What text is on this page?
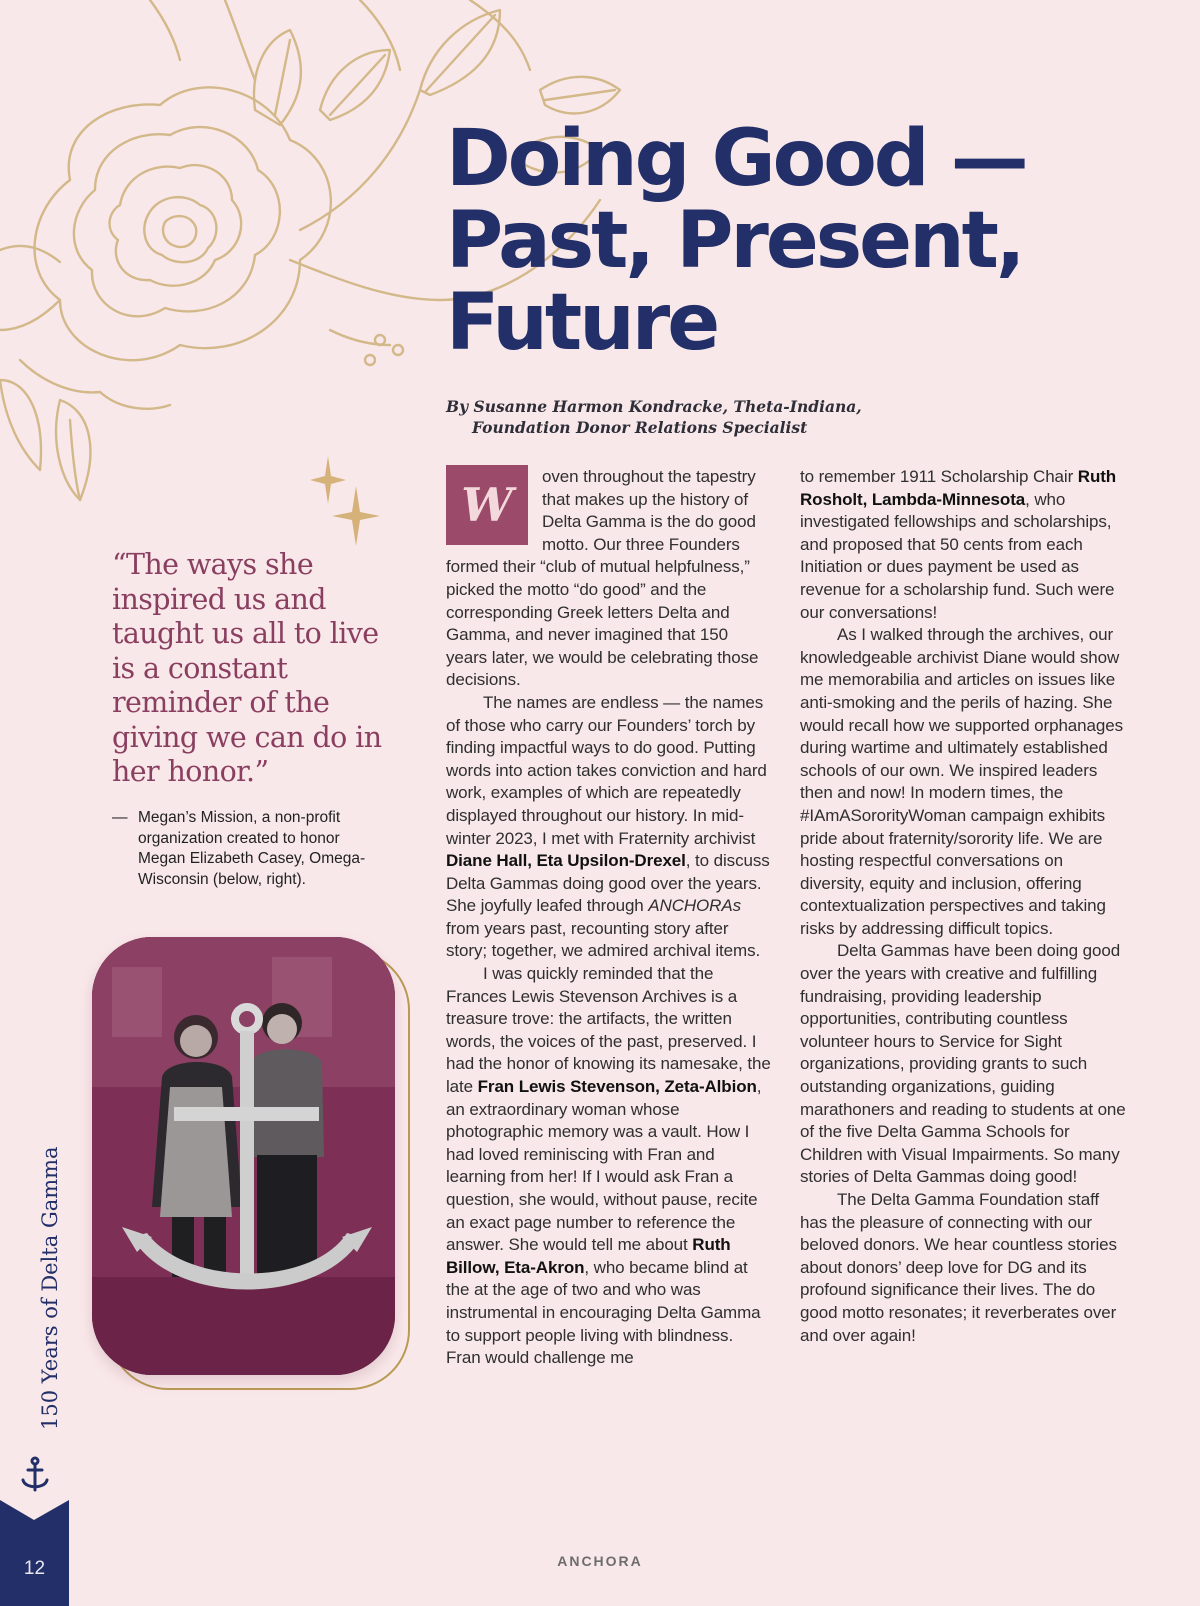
Doing Good — Past, Present, Future
By Susanne Harmon Kondracke, Theta-Indiana,
Foundation Donor Relations Specialist
“The ways she inspired us and taught us all to live is a constant reminder of the giving we can do in her honor.”
— Megan’s Mission, a non-profit organization created to honor Megan Elizabeth Casey, Omega-Wisconsin (below, right).

W
oven throughout the tapestry that makes up the history of Delta Gamma is the do good motto. Our three Founders formed their “club of mutual helpfulness,” picked the motto “do good” and the corresponding Greek letters Delta and Gamma, and never imagined that 150 years later, we would be celebrating those decisions.

The names are endless — the names of those who carry our Founders’ torch by finding impactful ways to do good. Putting words into action takes conviction and hard work, examples of which are repeatedly displayed throughout our history. In mid-winter 2023, I met with Fraternity archivist Diane Hall, Eta Upsilon-Drexel, to discuss Delta Gammas doing good over the years. She joyfully leafed through ANCHORAs from years past, recounting story after story; together, we admired archival items.

I was quickly reminded that the Frances Lewis Stevenson Archives is a treasure trove: the artifacts, the written words, the voices of the past, preserved. I had the honor of knowing its namesake, the late Fran Lewis Stevenson, Zeta-Albion, an extraordinary woman whose photographic memory was a vault. How I had loved reminiscing with Fran and learning from her! If I would ask Fran a question, she would, without pause, recite an exact page number to reference the answer. She would tell me about Ruth Billow, Eta-Akron, who became blind at the at the age of two and who was instrumental in encouraging Delta Gamma to support people living with blindness. Fran would challenge me

to remember 1911 Scholarship Chair Ruth Rosholt, Lambda-Minnesota, who investigated fellowships and scholarships, and proposed that 50 cents from each Initiation or dues payment be used as revenue for a scholarship fund. Such were our conversations!

As I walked through the archives, our knowledgeable archivist Diane would show me memorabilia and articles on issues like anti-smoking and the perils of hazing. She would recall how we supported orphanages during wartime and ultimately established schools of our own. We inspired leaders then and now! In modern times, the #IAmASororityWoman campaign exhibits pride about fraternity/sorority life. We are hosting respectful conversations on diversity, equity and inclusion, offering contextualization perspectives and taking risks by addressing difficult topics.

Delta Gammas have been doing good over the years with creative and fulfilling fundraising, providing leadership opportunities, contributing countless volunteer hours to Service for Sight organizations, providing grants to such outstanding organizations, guiding marathoners and reading to students at one of the five Delta Gamma Schools for Children with Visual Impairments. So many stories of Delta Gammas doing good!

The Delta Gamma Foundation staff has the pleasure of connecting with our beloved donors. We hear countless stories about donors’ deep love for DG and its profound significance their lives. The do good motto resonates; it reverberates over and over again!

150 Years of Delta Gamma
12	ANCHORA
